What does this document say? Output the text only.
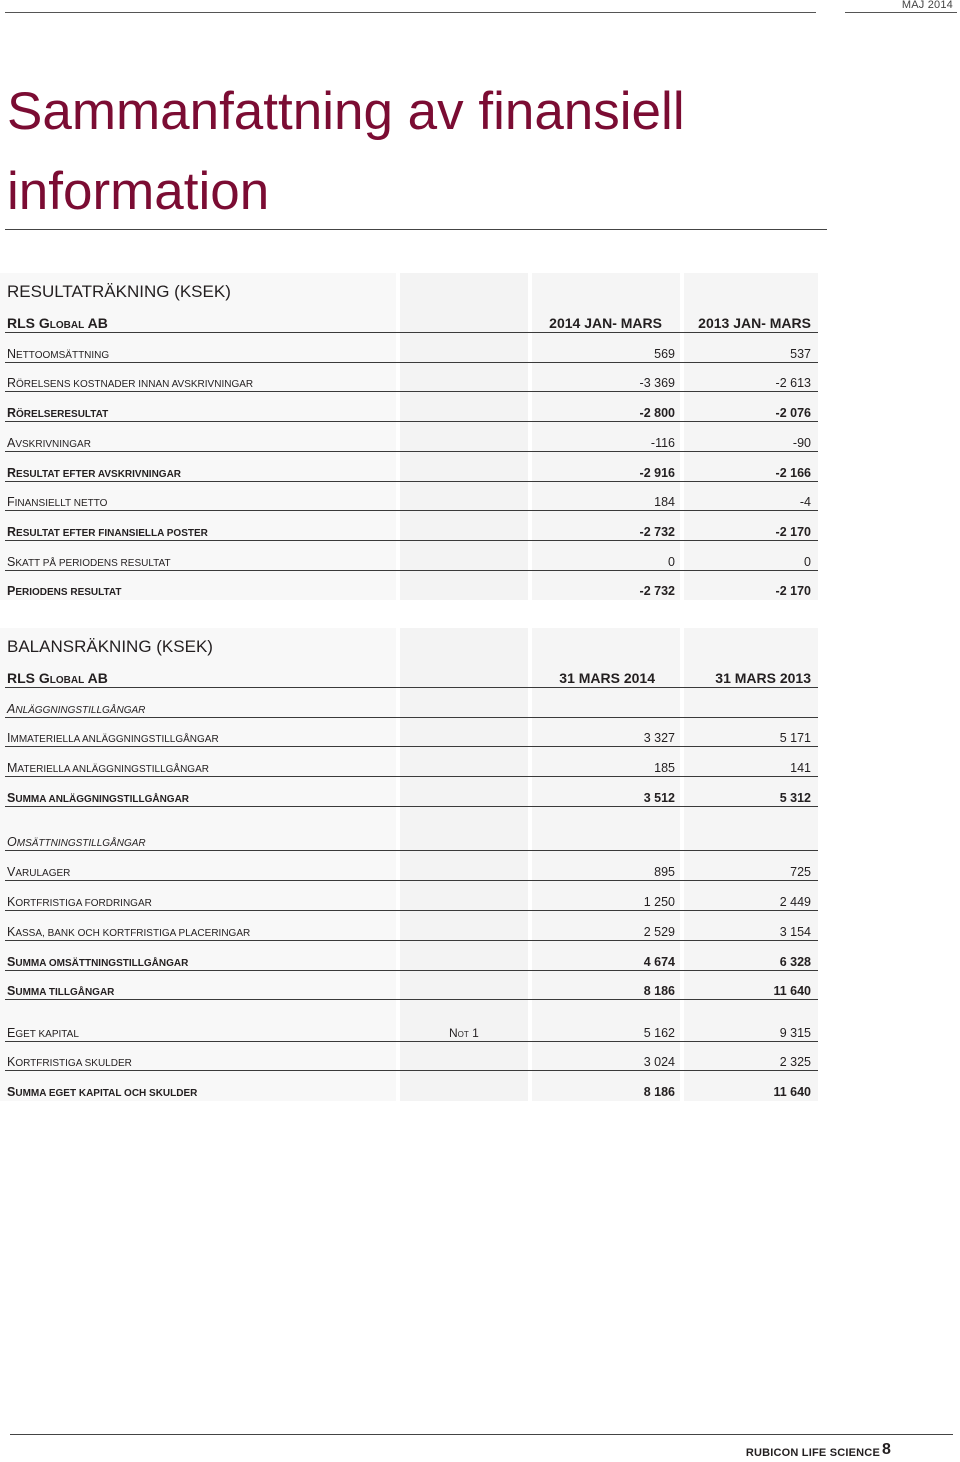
MAJ 2014
Sammanfattning av finansiell
information
RESULTATRÄKNING (KSEK)
RLS Global AB	2014 JAN- MARS	2013 JAN- MARS
NETTOOMSÄTTNING	569	537
RÖRELSENS KOSTNADER INNAN AVSKRIVNINGAR	-3 369	-2 613
RÖRELSERESULTAT	-2 800	-2 076
AVSKRIVNINGAR	-116	-90
RESULTAT EFTER AVSKRIVNINGAR	-2 916	-2 166
FINANSIELLT NETTO	184	-4
RESULTAT EFTER FINANSIELLA POSTER	-2 732	-2 170
SKATT PÅ PERIODENS RESULTAT	0	0
PERIODENS RESULTAT	-2 732	-2 170
BALANSRÄKNING (KSEK)
RLS Global AB	31 MARS 2014	31 MARS 2013
ANLÄGGNINGSTILLGÅNGAR
IMMATERIELLA ANLÄGGNINGSTILLGÅNGAR	3 327	5 171
MATERIELLA ANLÄGGNINGSTILLGÅNGAR	185	141
SUMMA ANLÄGGNINGSTILLGÅNGAR	3 512	5 312
OMSÄTTNINGSTILLGÅNGAR
VARULAGER	895	725
KORTFRISTIGA FORDRINGAR	1 250	2 449
KASSA, BANK OCH KORTFRISTIGA PLACERINGAR	2 529	3 154
SUMMA OMSÄTTNINGSTILLGÅNGAR	4 674	6 328
SUMMA TILLGÅNGAR	8 186	11 640
EGET KAPITAL	Not 1	5 162	9 315
KORTFRISTIGA SKULDER	3 024	2 325
SUMMA EGET KAPITAL OCH SKULDER	8 186	11 640
RUBICON LIFE SCIENCE 8
